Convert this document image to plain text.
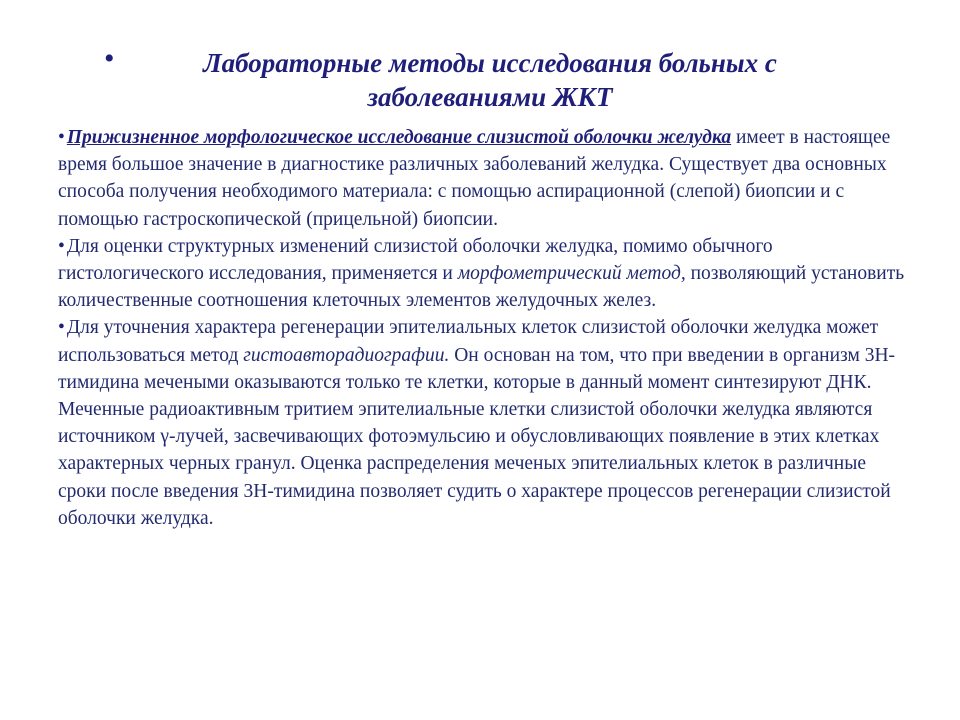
•	Лабораторные методы исследования больных с заболеваниями ЖКТ

• Прижизненное морфологическое исследование слизистой оболочки желудка имеет в настоящее время большое значение в диагностике различных заболеваний желудка. Существует два основных способа получения необходимого материала: с помощью аспирационной (слепой) биопсии и с помощью гастроскопической (прицельной) биопсии.

• Для оценки структурных изменений слизистой оболочки желудка, помимо обычного гистологического исследования, применяется и морфометрический метод, позволяющий установить количественные соотношения клеточных элементов желудочных желез.

• Для уточнения характера регенерации эпителиальных клеток слизистой оболочки желудка может использоваться метод гистоавторадиографии. Он основан на том, что при введении в организм 3Н-тимидина мечеными оказываются только те клетки, которые в данный момент синтезируют ДНК. Меченные радиоактивным тритием эпителиальные клетки слизистой оболочки желудка являются источником γ-лучей, засвечивающих фотоэмульсию и обусловливающих появление в этих клетках характерных черных гранул. Оценка распределения меченых эпителиальных клеток в различные сроки после введения 3Н-тимидина позволяет судить о характере процессов регенерации слизистой оболочки желудка.
